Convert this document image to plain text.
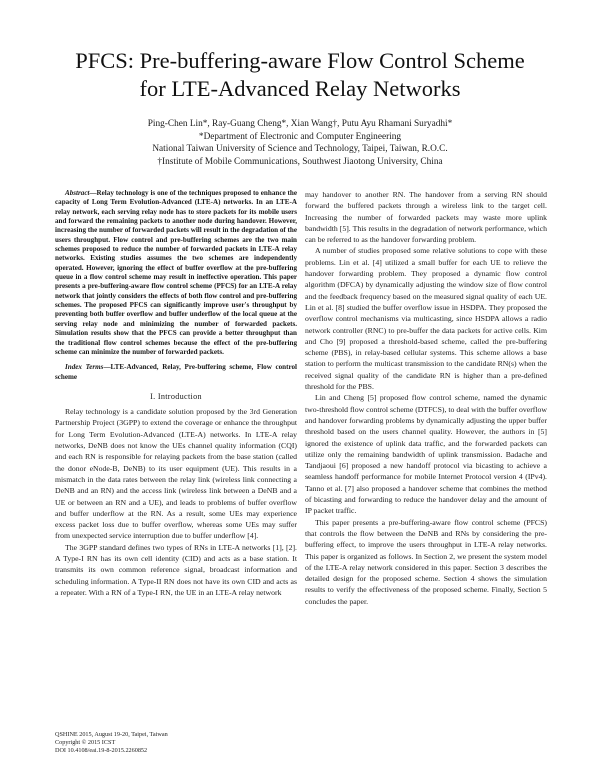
PFCS: Pre-buffering-aware Flow Control Scheme
for LTE-Advanced Relay Networks
Ping-Chen Lin*, Ray-Guang Cheng*, Xian Wang†, Putu Ayu Rhamani Suryadhi*
*Department of Electronic and Computer Engineering
National Taiwan University of Science and Technology, Taipei, Taiwan, R.O.C.
†Institute of Mobile Communications, Southwest Jiaotong University, China

Abstract—Relay technology is one of the techniques proposed to enhance the capacity of Long Term Evolution-Advanced (LTE-A) networks. In an LTE-A relay network, each serving relay node has to store packets for its mobile users and forward the remaining packets to another node during handover. However, increasing the number of forwarded packets will result in the degradation of the users throughput. Flow control and pre-buffering schemes are the two main schemes proposed to reduce the number of forwarded packets in LTE-A relay networks. Existing studies assumes the two schemes are independently operated. However, ignoring the effect of buffer overflow at the pre-buffering queue in a flow control scheme may result in ineffective operation. This paper presents a pre-buffering-aware flow control scheme (PFCS) for an LTE-A relay network that jointly considers the effects of both flow control and pre-buffering schemes. The proposed PFCS can significantly improve user's throughput by preventing both buffer overflow and buffer underflow of the local queue at the serving relay node and minimizing the number of forwarded packets. Simulation results show that the PFCS can provide a better throughput than the traditional flow control schemes because the effect of the pre-buffering scheme can minimize the number of forwarded packets.

Index Terms—LTE-Advanced, Relay, Pre-buffering scheme, Flow control scheme

I. Introduction

Relay technology is a candidate solution proposed by the 3rd Generation Partnership Project (3GPP) to extend the coverage or enhance the throughput for Long Term Evolution-Advanced (LTE-A) networks. In LTE-A relay networks, DeNB does not know the UEs channel quality information (CQI) and each RN is responsible for relaying packets from the base station (called the donor eNode-B, DeNB) to its user equipment (UE). This results in a mismatch in the data rates between the relay link (wireless link connecting a DeNB and an RN) and the access link (wireless link between a DeNB and a UE or between an RN and a UE), and leads to problems of buffer overflow and buffer underflow at the RN. As a result, some UEs may experience excess packet loss due to buffer overflow, whereas some UEs may suffer from unexpected service interruption due to buffer underflow [4].

The 3GPP standard defines two types of RNs in LTE-A networks [1], [2]. A Type-I RN has its own cell identity (CID) and acts as a base station. It transmits its own common reference signal, broadcast information and scheduling information. A Type-II RN does not have its own CID and acts as a repeater. With a RN of a Type-I RN, the UE in an LTE-A relay network

may handover to another RN. The handover from a serving RN should forward the buffered packets through a wireless link to the target cell. Increasing the number of forwarded packets may waste more uplink bandwidth [5]. This results in the degradation of network performance, which can be referred to as the handover forwarding problem.

A number of studies proposed some relative solutions to cope with these problems. Lin et al. [4] utilized a small buffer for each UE to relieve the handover forwarding problem. They proposed a dynamic flow control algorithm (DFCA) by dynamically adjusting the window size of flow control and the feedback frequency based on the measured signal quality of each UE. Lin et al. [8] studied the buffer overflow issue in HSDPA. They proposed the overflow control mechanisms via multicasting, since HSDPA allows a radio network controller (RNC) to pre-buffer the data packets for active cells. Kim and Cho [9] proposed a threshold-based scheme, called the pre-buffering scheme (PBS), in relay-based cellular systems. This scheme allows a base station to perform the multicast transmission to the candidate RN(s) when the received signal quality of the candidate RN is higher than a pre-defined threshold for the PBS.

Lin and Cheng [5] proposed flow control scheme, named the dynamic two-threshold flow control scheme (DTFCS), to deal with the buffer overflow and handover forwarding problems by dynamically adjusting the upper buffer threshold based on the users channel quality. However, the authors in [5] ignored the existence of uplink data traffic, and the forwarded packets can utilize only the remaining bandwidth of uplink transmission. Badache and Tandjaoui [6] proposed a new handoff protocol via bicasting to achieve a seamless handoff performance for mobile Internet Protocol version 4 (IPv4). Tanno et al. [7] also proposed a handover scheme that combines the method of bicasting and forwarding to reduce the handover delay and the amount of IP packet traffic.

This paper presents a pre-buffering-aware flow control scheme (PFCS) that controls the flow between the DeNB and RNs by considering the pre-buffering effect, to improve the users throughput in LTE-A relay networks. This paper is organized as follows. In Section 2, we present the system model of the LTE-A relay network considered in this paper. Section 3 describes the detailed design for the proposed scheme. Section 4 shows the simulation results to verify the effectiveness of the proposed scheme. Finally, Section 5 concludes the paper.

QSHINE 2015, August 19-20, Taipei, Taiwan
Copyright © 2015 ICST
DOI 10.4108/eai.19-8-2015.2260852
